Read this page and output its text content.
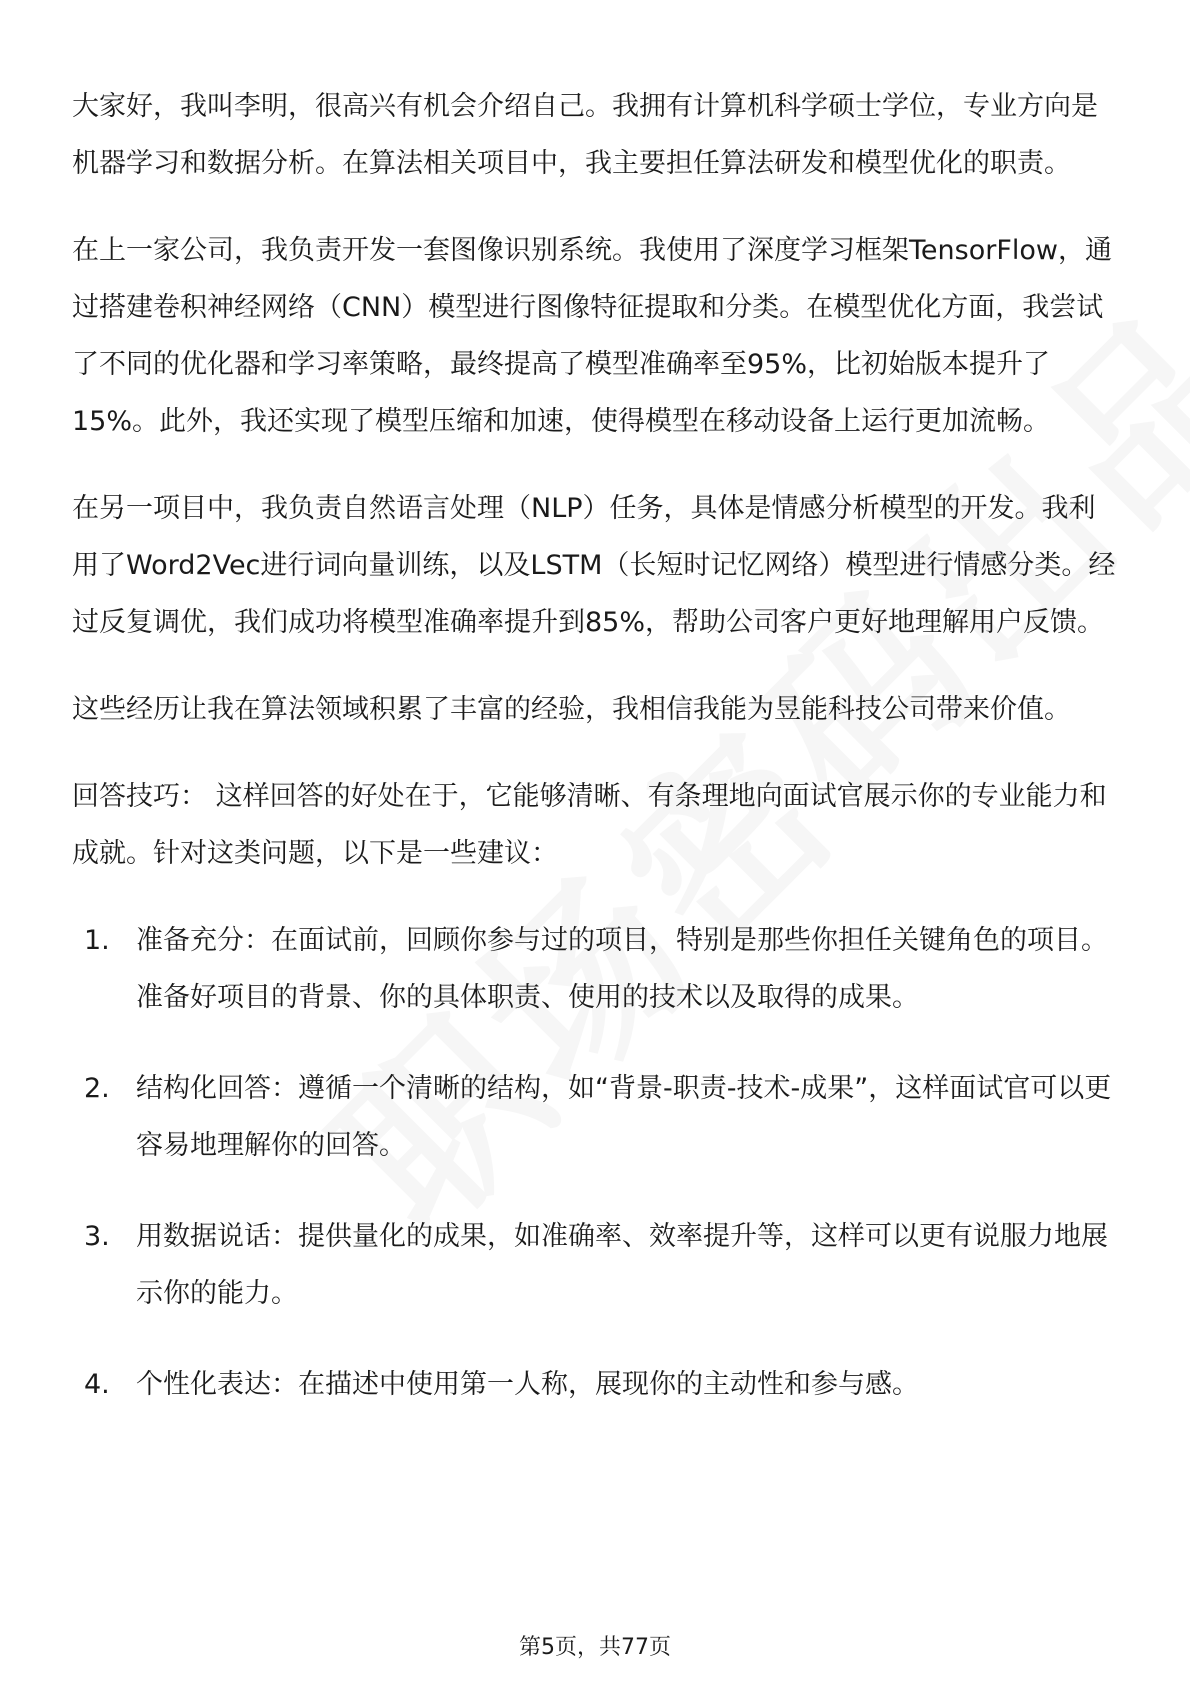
大家好，我叫李明，很高兴有机会介绍自己。我拥有计算机科学硕士学位，专业方向是机器学习和数据分析。在算法相关项目中，我主要担任算法研发和模型优化的职责。

在上一家公司，我负责开发一套图像识别系统。我使用了深度学习框架TensorFlow，通过搭建卷积神经网络（CNN）模型进行图像特征提取和分类。在模型优化方面，我尝试了不同的优化器和学习率策略，最终提高了模型准确率至95%，比初始版本提升了15%。此外，我还实现了模型压缩和加速，使得模型在移动设备上运行更加流畅。

在另一项目中，我负责自然语言处理（NLP）任务，具体是情感分析模型的开发。我利用了Word2Vec进行词向量训练，以及LSTM（长短时记忆网络）模型进行情感分类。经过反复调优，我们成功将模型准确率提升到85%，帮助公司客户更好地理解用户反馈。

这些经历让我在算法领域积累了丰富的经验，我相信我能为昱能科技公司带来价值。

回答技巧： 这样回答的好处在于，它能够清晰、有条理地向面试官展示你的专业能力和成就。针对这类问题，以下是一些建议：

1. 准备充分：在面试前，回顾你参与过的项目，特别是那些你担任关键角色的项目。准备好项目的背景、你的具体职责、使用的技术以及取得的成果。
2. 结构化回答：遵循一个清晰的结构，如“背景-职责-技术-成果”，这样面试官可以更容易地理解你的回答。
3. 用数据说话：提供量化的成果，如准确率、效率提升等，这样可以更有说服力地展示你的能力。
4. 个性化表达：在描述中使用第一人称，展现你的主动性和参与感。
第5页，共77页
